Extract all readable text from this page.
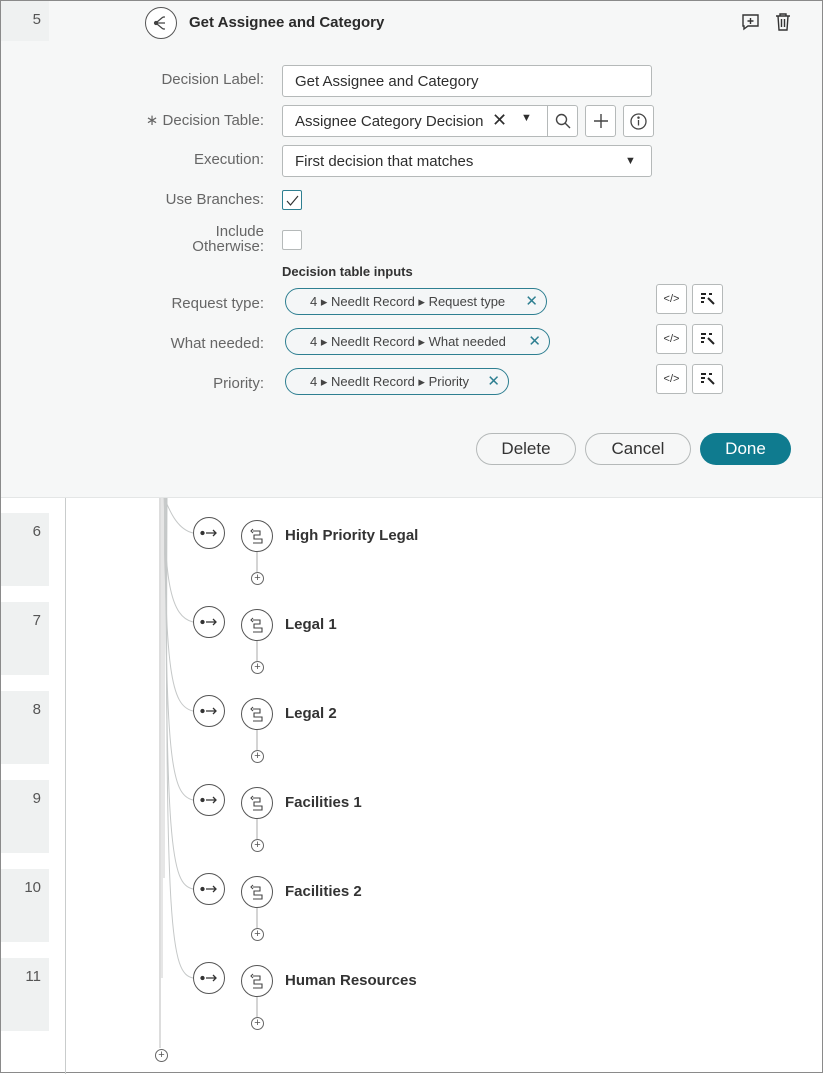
5	Get Assignee and Category
Decision Label:	Get Assignee and Category
∗ Decision Table:	Assignee Category Decision ✕ ▼
Execution:	First decision that matches	▼
Use Branches:
Include
Otherwise:
Decision table inputs
Request type:	4 ▸ NeedIt Record ▸ Request type ✕	</>
What needed:	4 ▸ NeedIt Record ▸ What needed ✕	</>
Priority:	4 ▸ NeedIt Record ▸ Priority ✕	</>
Delete	Cancel	Done
6	High Priority Legal
+
7	Legal 1
+
8	Legal 2
+
9	Facilities 1
+
10	Facilities 2
+
11	Human Resources
+
+
